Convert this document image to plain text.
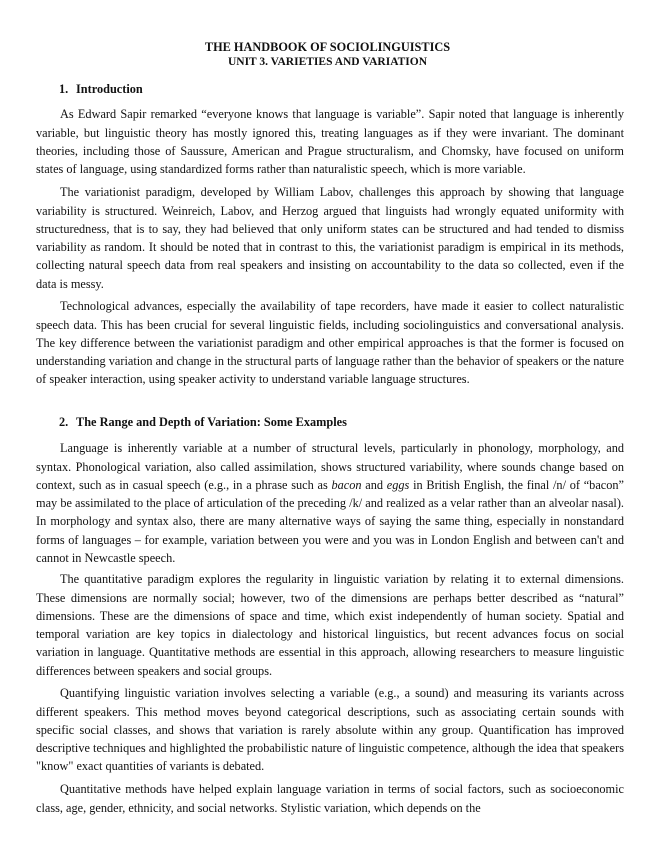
THE HANDBOOK OF SOCIOLINGUISTICS
UNIT 3. VARIETIES AND VARIATION
1. Introduction

As Edward Sapir remarked “everyone knows that language is variable”. Sapir noted that language is inherently variable, but linguistic theory has mostly ignored this, treating languages as if they were invariant. The dominant theories, including those of Saussure, American and Prague structuralism, and Chomsky, have focused on uniform states of language, using standardized forms rather than naturalistic speech, which is more variable.

The variationist paradigm, developed by William Labov, challenges this approach by showing that language variability is structured. Weinreich, Labov, and Herzog argued that linguists had wrongly equated uniformity with structuredness, that is to say, they had believed that only uniform states can be structured and had tended to dismiss variability as random. It should be noted that in contrast to this, the variationist paradigm is empirical in its methods, collecting natural speech data from real speakers and insisting on accountability to the data so collected, even if the data is messy.

Technological advances, especially the availability of tape recorders, have made it easier to collect naturalistic speech data. This has been crucial for several linguistic fields, including sociolinguistics and conversational analysis. The key difference between the variationist paradigm and other empirical approaches is that the former is focused on understanding variation and change in the structural parts of language rather than the behavior of speakers or the nature of speaker interaction, using speaker activity to understand variable language structures.

2. The Range and Depth of Variation: Some Examples

Language is inherently variable at a number of structural levels, particularly in phonology, morphology, and syntax. Phonological variation, also called assimilation, shows structured variability, where sounds change based on context, such as in casual speech (e.g., in a phrase such as bacon and eggs in British English, the final /n/ of “bacon” may be assimilated to the place of articulation of the preceding /k/ and realized as a velar rather than an alveolar nasal). In morphology and syntax also, there are many alternative ways of saying the same thing, especially in nonstandard forms of languages – for example, variation between you were and you was in London English and between can't and cannot in Newcastle speech.

The quantitative paradigm explores the regularity in linguistic variation by relating it to external dimensions. These dimensions are normally social; however, two of the dimensions are perhaps better described as “natural” dimensions. These are the dimensions of space and time, which exist independently of human society. Spatial and temporal variation are key topics in dialectology and historical linguistics, but recent advances focus on social variation in language. Quantitative methods are essential in this approach, allowing researchers to measure linguistic differences between speakers and social groups.

Quantifying linguistic variation involves selecting a variable (e.g., a sound) and measuring its variants across different speakers. This method moves beyond categorical descriptions, such as associating certain sounds with specific social classes, and shows that variation is rarely absolute within any group. Quantification has improved descriptive techniques and highlighted the probabilistic nature of linguistic competence, although the idea that speakers "know" exact quantities of variants is debated.

Quantitative methods have helped explain language variation in terms of social factors, such as socioeconomic class, age, gender, ethnicity, and social networks. Stylistic variation, which depends on the
